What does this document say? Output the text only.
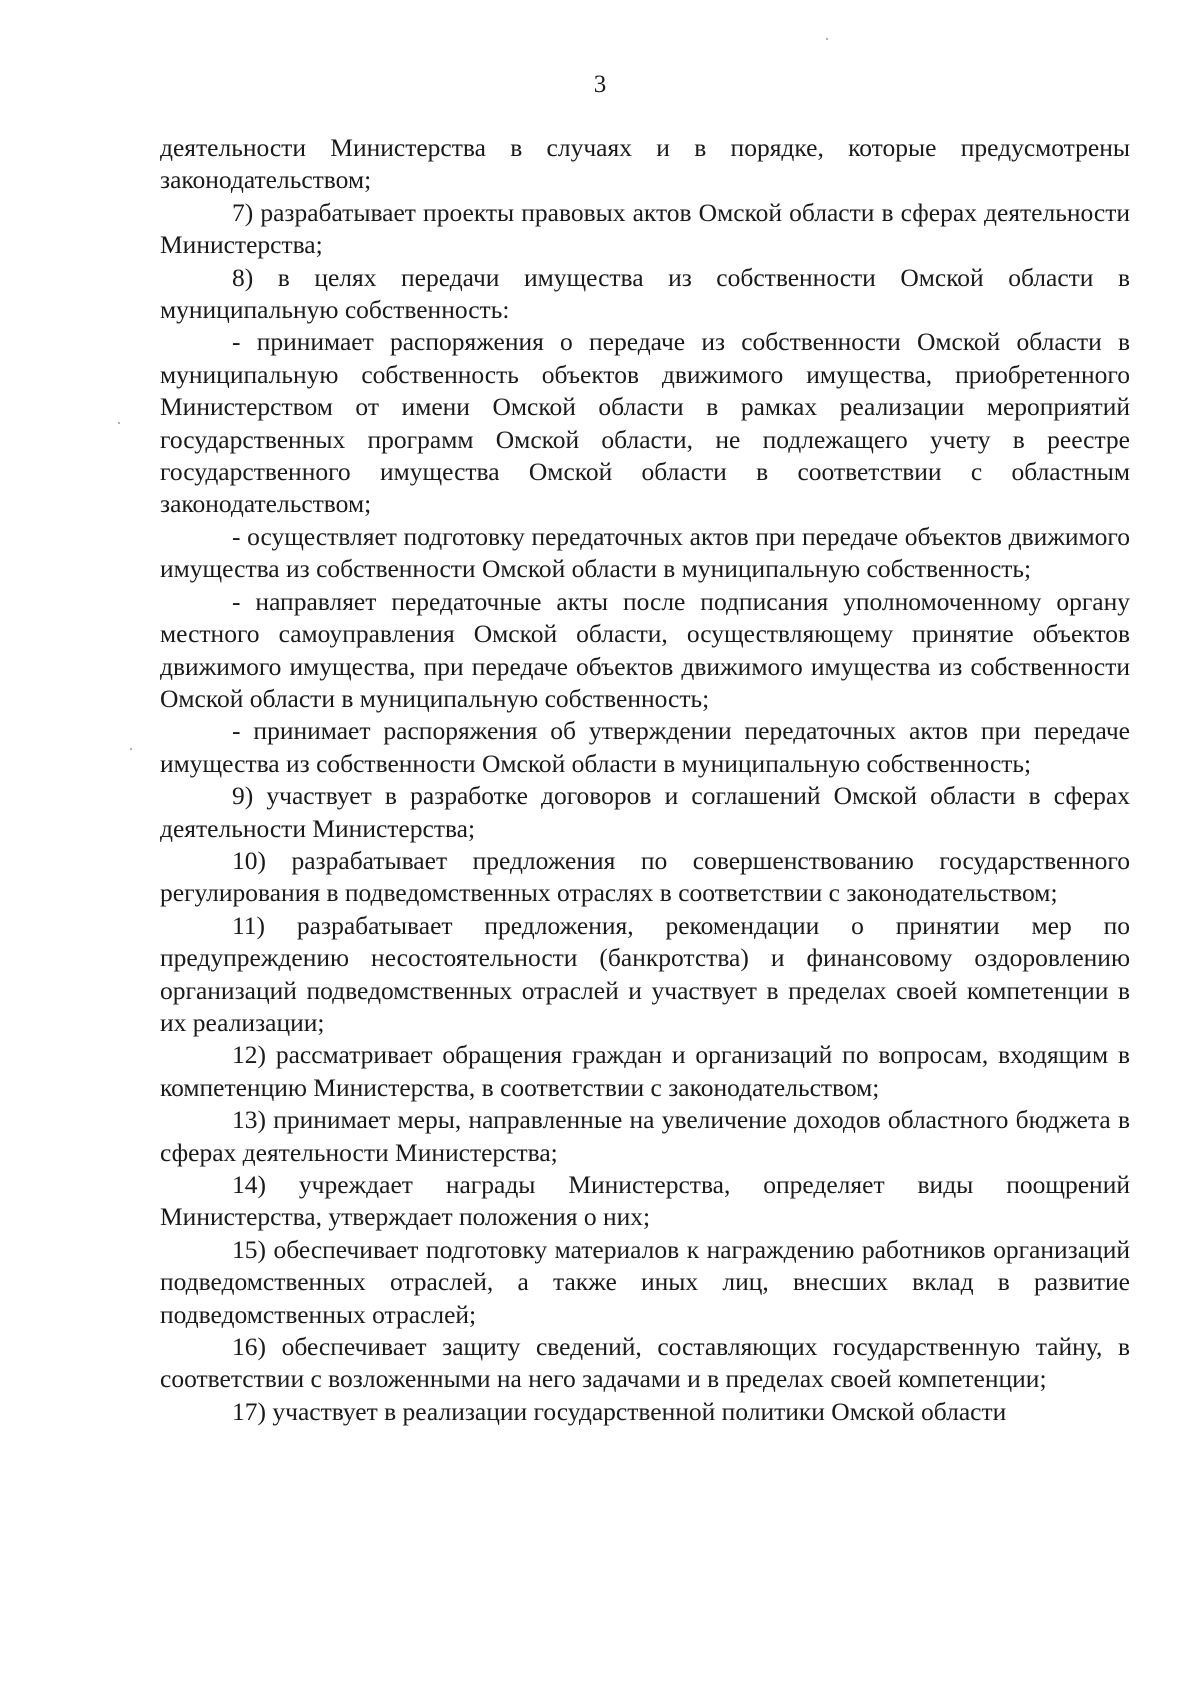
3

деятельности Министерства в случаях и в порядке, которые предусмотрены законодательством;

7) разрабатывает проекты правовых актов Омской области в сферах деятельности Министерства;

8) в целях передачи имущества из собственности Омской области в муниципальную собственность:

- принимает распоряжения о передаче из собственности Омской области в муниципальную собственность объектов движимого имущества, приобретенного Министерством от имени Омской области в рамках реализации мероприятий государственных программ Омской области, не подлежащего учету в реестре государственного имущества Омской области в соответствии с областным законодательством;

- осуществляет подготовку передаточных актов при передаче объектов движимого имущества из собственности Омской области в муниципальную собственность;

- направляет передаточные акты после подписания уполномоченному органу местного самоуправления Омской области, осуществляющему принятие объектов движимого имущества, при передаче объектов движимого имущества из собственности Омской области в муниципальную собственность;

- принимает распоряжения об утверждении передаточных актов при передаче имущества из собственности Омской области в муниципальную собственность;

9) участвует в разработке договоров и соглашений Омской области в сферах деятельности Министерства;

10) разрабатывает предложения по совершенствованию государственного регулирования в подведомственных отраслях в соответствии с законодательством;

11) разрабатывает предложения, рекомендации о принятии мер по предупреждению несостоятельности (банкротства) и финансовому оздоровлению организаций подведомственных отраслей и участвует в пределах своей компетенции в их реализации;

12) рассматривает обращения граждан и организаций по вопросам, входящим в компетенцию Министерства, в соответствии с законодательством;

13) принимает меры, направленные на увеличение доходов областного бюджета в сферах деятельности Министерства;

14) учреждает награды Министерства, определяет виды поощрений Министерства, утверждает положения о них;

15) обеспечивает подготовку материалов к награждению работников организаций подведомственных отраслей, а также иных лиц, внесших вклад в развитие подведомственных отраслей;

16) обеспечивает защиту сведений, составляющих государственную тайну, в соответствии с возложенными на него задачами и в пределах своей компетенции;

17) участвует в реализации государственной политики Омской области
